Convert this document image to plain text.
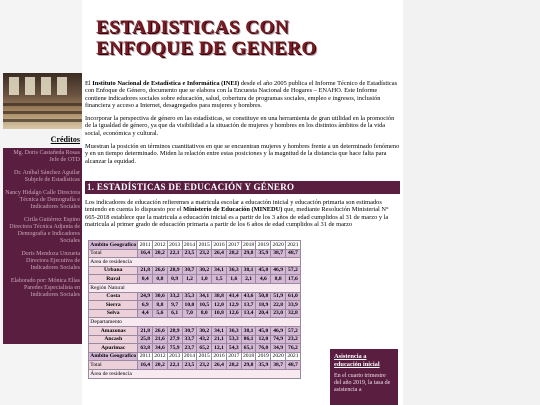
ESTADISTICAS CON
ENFOQUE DE GENERO
Créditos
Mg. Doris Castañeda Rosas Jefe de OTD
Dr. Aníbal Sánchez Aguilar Subjefe de Estadísticas
Nancy Hidalgo Calle Directora Técnica de Demografía e Indicadores Sociales
Cirila Gutiérrez Espino Directora Técnica Adjunta de Demografía e Indicadores Sociales
Doris Mendoza Unzueta Directora Ejecutiva de Indicadores Sociales
Elaborado por: Mónica Elías Paredes Especialista en Indicadores Sociales

El Instituto Nacional de Estadística e Informática (INEI) desde el año 2005 publica el Informe Técnico de Estadísticas con Enfoque de Género, documento que se elabora con la Encuesta Nacional de Hogares – ENAHO. Este Informe contiene indicadores sociales sobre educación, salud, cobertura de programas sociales, empleo e ingresos, inclusión financiera y acceso a Internet, desagregados para mujeres y hombres.

Incorporar la perspectiva de género en las estadísticas, se constituye en una herramienta de gran utilidad en la promoción de la igualdad de género, ya que da visibilidad a la situación de mujeres y hombres en los distintos ámbitos de la vida social, económica y cultural.

Muestran la posición en términos cuantitativos en que se encuentran mujeres y hombres frente a un determinado fenómeno y en un tiempo determinado. Miden la relación entre estas posiciones y la magnitud de la distancia que hace falta para alcanzar la equidad.

1. ESTADÍSTICAS DE EDUCACIÓN Y GÉNERO
Los indicadores de educación refieremes a matricula escolar a educación inicial y educación primaria son estimados teniendo en cuenta lo dispuesto por el Ministerio de Educación (MINEDU) que, mediante Resolución Ministerial N° 665-2018 establece que la matricula a educación inicial es a partir de los 3 años de edad cumplidos al 31 de marzo y la matricula al primer grado de educación primaria a partir de los 6 años de edad cumplidos al 31 de marzo
Ambito Geografico	2011	2012	2013	2014	2015	2016	2017	2018	2019	2020	2021
Total	16,4	20,2	22,1	23,5	23,2	26,4	28,2	29,8	35,9	38,7	48,7
Area de residencia											
Urbana	21,8	26,6	28,9	30,7	30,2	34,1	36,3	38,1	45,0	46,9	57,2
Rural	0,4	0,8	0,9	1,2	1,0	1,5	1,6	2,1	4,6	8,8	17,6
Región Natural											
Costa	24,9	30,6	33,2	35,3	34,1	38,8	41,4	43,6	50,8	51,9	61,0
Sierra	6,9	8,8	9,7	10,0	10,5	12,0	12,9	13,7	18,9	22,8	33,9
Selva	4,4	5,6	6,1	7,0	8,0	10,8	12,6	13,4	20,4	23,0	32,8
Departamento											
Amazonas	21,8	26,6	28,9	30,7	30,2	34,1	36,3	38,1	45,0	46,9	57,2
Ancash	25,8	21,6	27,9	33,7	43,2	21,1	53,3	86,1	12,0	74,9	23,2
Apurimac	63,8	34,6	75,9	23,7	65,2	12,1	54,3	65,1	76,0	34,9	76,2
Ambito Geografico	2011	2012	2013	2014	2015	2016	2017	2018	2019	2020	2021
Total	16,4	20,2	22,1	23,5	23,2	26,4	28,2	29,8	35,9	38,7	48,7
Área de residencia											
Asistencia a educación inicial
En el cuarto trimestre del año 2019, la tasa de asistencia a
